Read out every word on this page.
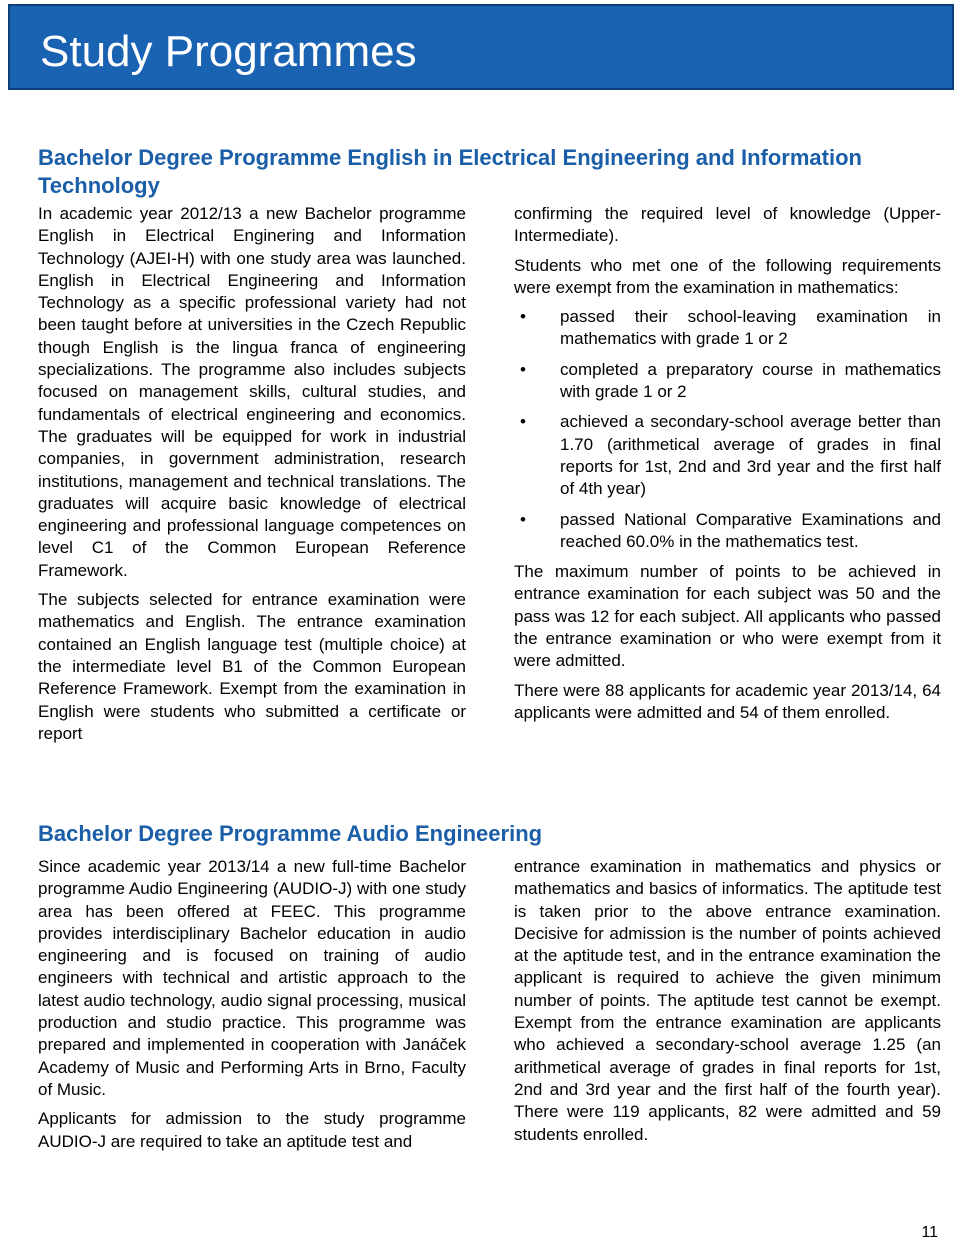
Study Programmes
Bachelor Degree Programme English in Electrical Engineering and Information Technology

In academic year 2012/13 a new Bachelor programme English in Electrical Enginering and Information Technology (AJEI-H) with one study area was launched. English in Electrical Engineering and Information Technology as a specific professional variety had not been taught before at universities in the Czech Republic though English is the lingua franca of engineering specializations. The programme also includes subjects focused on management skills, cultural studies, and fundamentals of electrical engineering and economics. The graduates will be equipped for work in industrial companies, in government administration, research institutions, management and technical translations. The graduates will acquire basic knowledge of electrical engineering and professional language competences on level C1 of the Common European Reference Framework.

The subjects selected for entrance examination were mathematics and English. The entrance examination contained an English language test (multiple choice) at the intermediate level B1 of the Common European Reference Framework. Exempt from the examination in English were students who submitted a certificate or report

confirming the required level of knowledge (Upper-Intermediate).

Students who met one of the following requirements were exempt from the examination in mathematics:

• passed their school-leaving examination in mathematics with grade 1 or 2
• completed a preparatory course in mathematics with grade 1 or 2
• achieved a secondary-school average better than 1.70 (arithmetical average of grades in final reports for 1st, 2nd and 3rd year and the first half of 4th year)
• passed National Comparative Examinations and reached 60.0% in the mathematics test.

The maximum number of points to be achieved in entrance examination for each subject was 50 and the pass was 12 for each subject. All applicants who passed the entrance examination or who were exempt from it were admitted.

There were 88 applicants for academic year 2013/14, 64 applicants were admitted and 54 of them enrolled.

Bachelor Degree Programme Audio Engineering

Since academic year 2013/14 a new full-time Bachelor programme Audio Engineering (AUDIO-J) with one study area has been offered at FEEC. This programme provides interdisciplinary Bachelor education in audio engineering and is focused on training of audio engineers with technical and artistic approach to the latest audio technology, audio signal processing, musical production and studio practice. This programme was prepared and implemented in cooperation with Janáček Academy of Music and Performing Arts in Brno, Faculty of Music.

Applicants for admission to the study programme AUDIO-J are required to take an aptitude test and

entrance examination in mathematics and physics or mathematics and basics of informatics. The aptitude test is taken prior to the above entrance examination. Decisive for admission is the number of points achieved at the aptitude test, and in the entrance examination the applicant is required to achieve the given minimum number of points. The aptitude test cannot be exempt. Exempt from the entrance examination are applicants who achieved a secondary-school average 1.25 (an arithmetical average of grades in final reports for 1st, 2nd and 3rd year and the first half of the fourth year). There were 119 applicants, 82 were admitted and 59 students enrolled.

11
